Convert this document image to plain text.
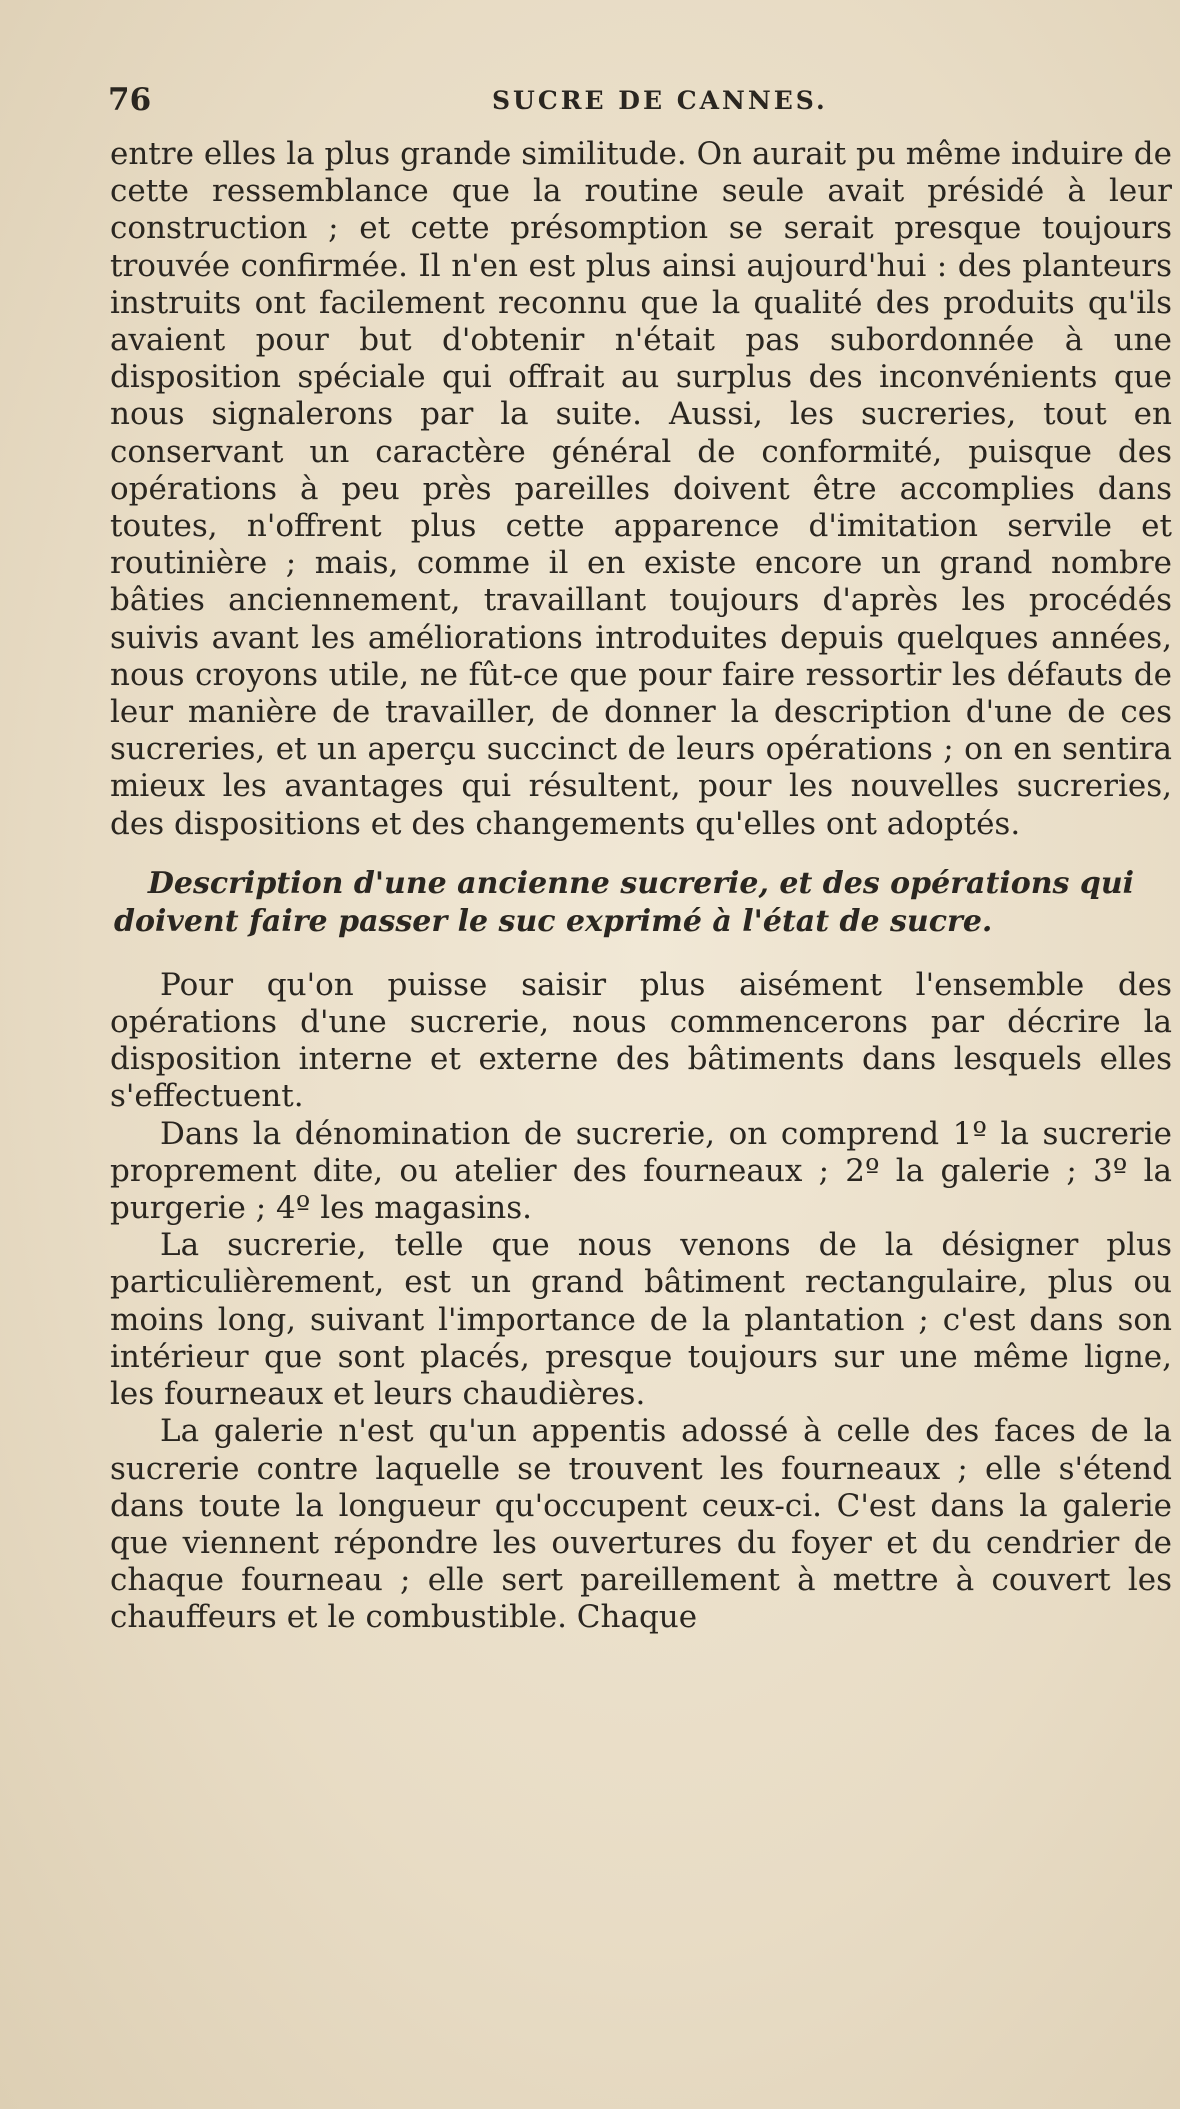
76	SUCRE DE CANNES.

entre elles la plus grande similitude. On aurait pu même induire de cette ressemblance que la routine seule avait présidé à leur construction ; et cette présomption se serait presque toujours trouvée confirmée. Il n'en est plus ainsi aujourd'hui : des planteurs instruits ont facilement reconnu que la qualité des produits qu'ils avaient pour but d'obtenir n'était pas subordonnée à une disposition spéciale qui offrait au surplus des inconvénients que nous signalerons par la suite. Aussi, les sucreries, tout en conservant un caractère général de conformité, puisque des opérations à peu près pareilles doivent être accomplies dans toutes, n'offrent plus cette apparence d'imitation servile et routinière ; mais, comme il en existe encore un grand nombre bâties anciennement, travaillant toujours d'après les procédés suivis avant les améliorations introduites depuis quelques années, nous croyons utile, ne fût-ce que pour faire ressortir les défauts de leur manière de travailler, de donner la description d'une de ces sucreries, et un aperçu succinct de leurs opérations ; on en sentira mieux les avantages qui résultent, pour les nouvelles sucreries, des dispositions et des changements qu'elles ont adoptés.

Description d'une ancienne sucrerie, et des opérations qui doivent faire passer le suc exprimé à l'état de sucre.

Pour qu'on puisse saisir plus aisément l'ensemble des opérations d'une sucrerie, nous commencerons par décrire la disposition interne et externe des bâtiments dans lesquels elles s'effectuent.

Dans la dénomination de sucrerie, on comprend 1º la sucrerie proprement dite, ou atelier des fourneaux ; 2º la galerie ; 3º la purgerie ; 4º les magasins.

La sucrerie, telle que nous venons de la désigner plus particulièrement, est un grand bâtiment rectangulaire, plus ou moins long, suivant l'importance de la plantation ; c'est dans son intérieur que sont placés, presque toujours sur une même ligne, les fourneaux et leurs chaudières.

La galerie n'est qu'un appentis adossé à celle des faces de la sucrerie contre laquelle se trouvent les fourneaux ; elle s'étend dans toute la longueur qu'occupent ceux-ci. C'est dans la galerie que viennent répondre les ouvertures du foyer et du cendrier de chaque fourneau ; elle sert pareillement à mettre à couvert les chauffeurs et le combustible. Chaque
